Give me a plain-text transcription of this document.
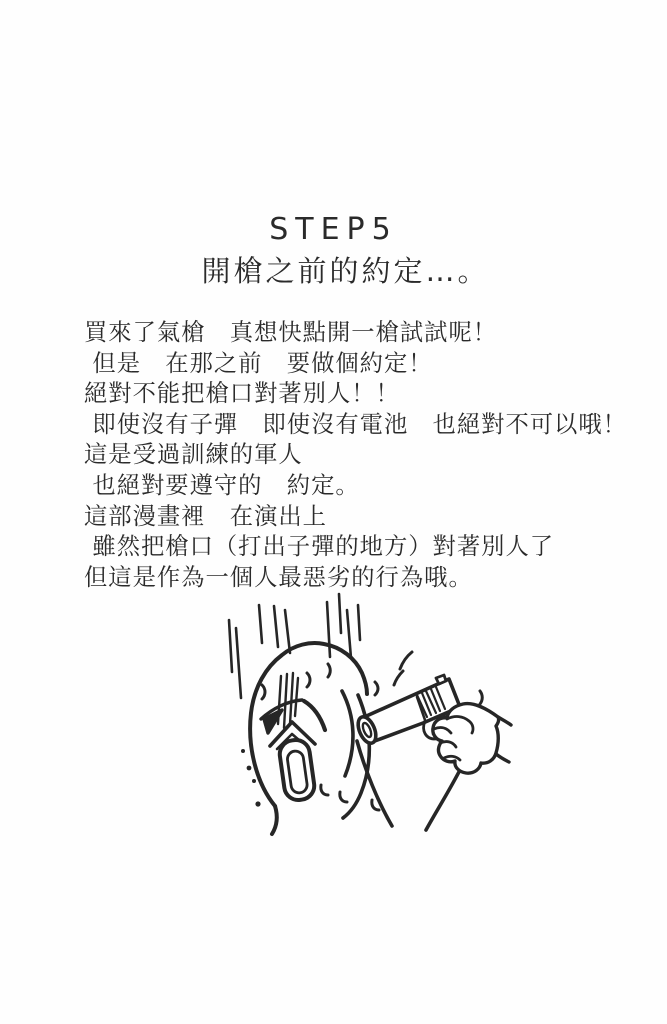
STEP5
開槍之前的約定…。
買來了氣槍　真想快點開一槍試試呢！
但是　在那之前　要做個約定！
絕對不能把槍口對著別人！！
即使沒有子彈　即使沒有電池　也絕對不可以哦！
這是受過訓練的軍人
也絕對要遵守的　約定。
這部漫畫裡　在演出上
雖然把槍口（打出子彈的地方）對著別人了
但這是作為一個人最惡劣的行為哦。
